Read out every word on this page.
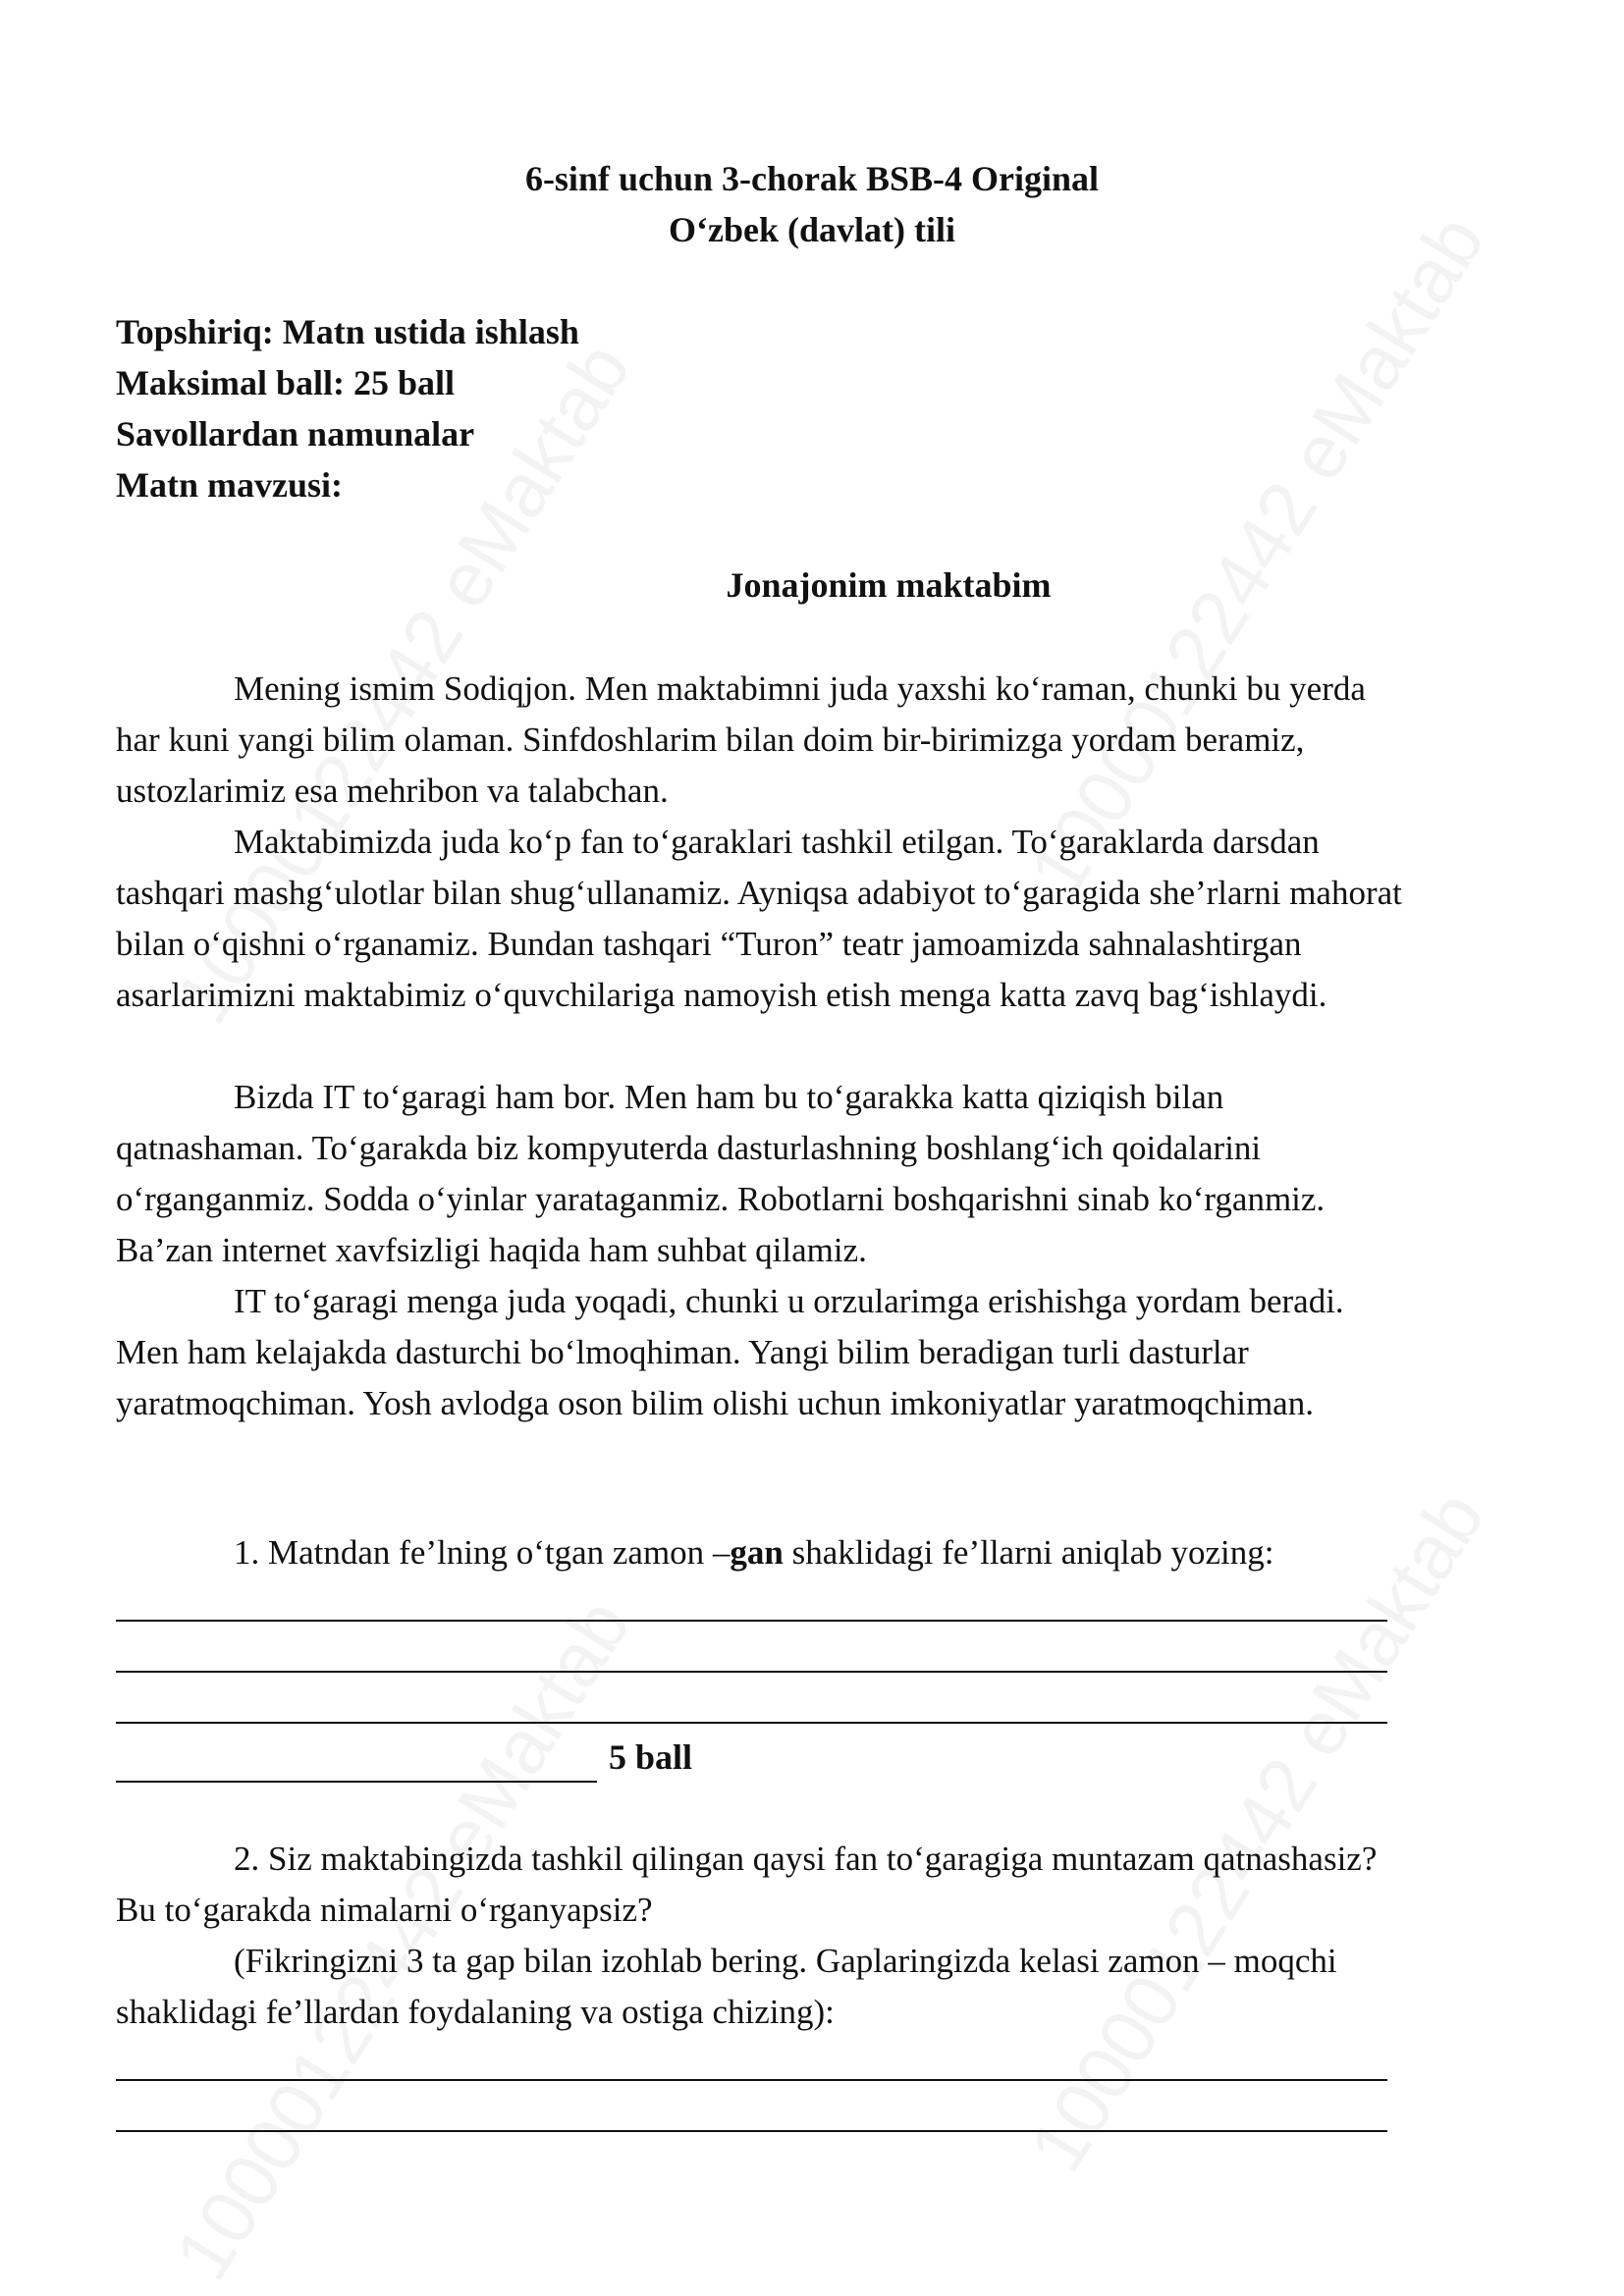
6-sinf uchun 3-chorak BSB-4 Original
O‘zbek (davlat) tili
Topshiriq: Matn ustida ishlash
Maksimal ball: 25 ball
Savollardan namunalar
Matn mavzusi:
Jonajonim maktabim

Mening ismim Sodiqjon. Men maktabimni juda yaxshi ko‘raman, chunki bu yerda har kuni yangi bilim olaman. Sinfdoshlarim bilan doim bir-birimizga yordam beramiz, ustozlarimiz esa mehribon va talabchan.

Maktabimizda juda ko‘p fan to‘garaklari tashkil etilgan. To‘garaklarda darsdan tashqari mashg‘ulotlar bilan shug‘ullanamiz. Ayniqsa adabiyot to‘garagida she’rlarni mahorat bilan o‘qishni o‘rganamiz. Bundan tashqari “Turon” teatr jamoamizda sahnalashtirgan asarlarimizni maktabimiz o‘quvchilariga namoyish etish menga katta zavq bag‘ishlaydi.

Bizda IT to‘garagi ham bor. Men ham bu to‘garakka katta qiziqish bilan qatnashaman. To‘garakda biz kompyuterda dasturlashning boshlang‘ich qoidalarini o‘rganganmiz. Sodda o‘yinlar yarataganmiz. Robotlarni boshqarishni sinab ko‘rganmiz. Ba’zan internet xavfsizligi haqida ham suhbat qilamiz.

IT to‘garagi menga juda yoqadi, chunki u orzularimga erishishga yordam beradi. Men ham kelajakda dasturchi bo‘lmoqhiman. Yangi bilim beradigan turli dasturlar yaratmoqchiman. Yosh avlodga oson bilim olishi uchun imkoniyatlar yaratmoqchiman.

1. Matndan fe’lning o‘tgan zamon –gan shaklidagi fe’llarni aniqlab yozing:

5 ball

2. Siz maktabingizda tashkil qilingan qaysi fan to‘garagiga muntazam qatnashasiz? Bu to‘garakda nimalarni o‘rganyapsiz?

(Fikringizni 3 ta gap bilan izohlab bering. Gaplaringizda kelasi zamon – moqchi shaklidagi fe’llardan foydalaning va ostiga chizing):
